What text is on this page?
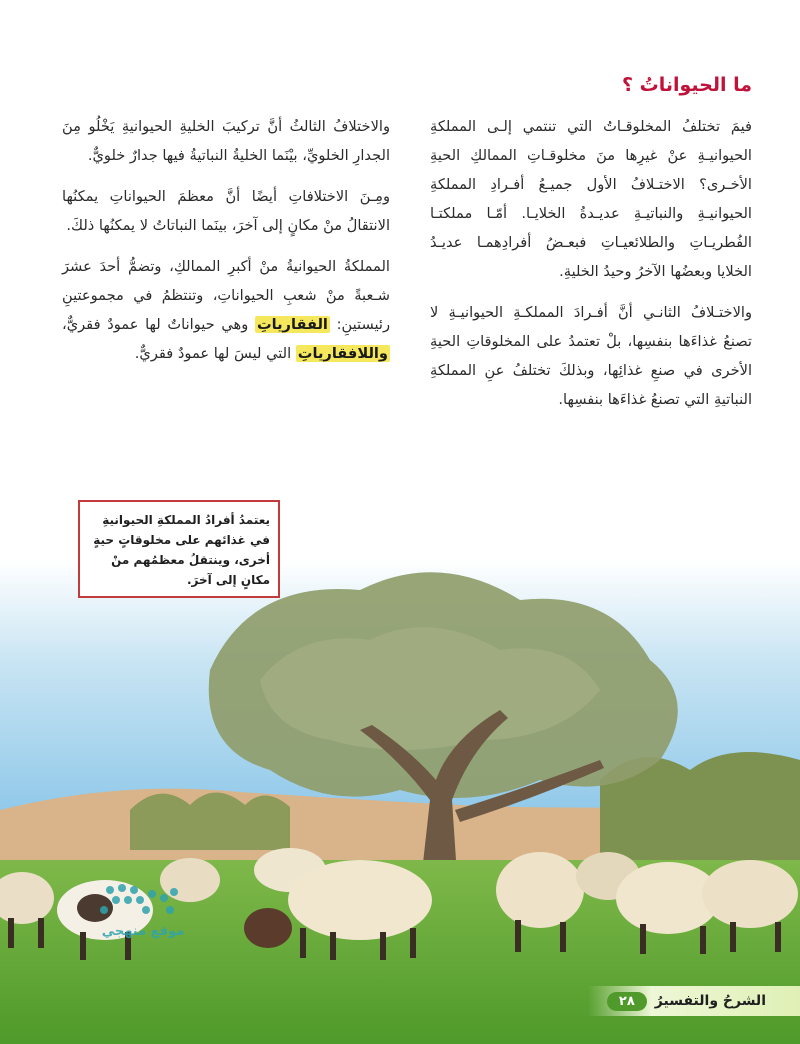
ما الحيواناتُ ؟

فيمَ تختلفُ المخلوقـاتُ التي تنتمي إلـى المملكةِ الحيوانيـةِ عنْ غيرِها منَ مخلوقـاتِ الممالكِ الحيةِ الأخـرى؟ الاختـلافُ الأول جميـعُ أفـرادِ المملكةِ الحيوانيـةِ والنباتيـةِ عديـدةُ الخلايـا. أمّـا مملكتـا الفُطريـاتِ والطلائعيـاتِ فبعـضُ أفرادِهمـا عديـدُ الخلايا وبعضُها الآخرُ وحيدُ الخليةِ.

والاختـلافُ الثانـي أنَّ أفـرادَ المملكـةِ الحيوانيـةِ لا تصنعُ غذاءَها بنفسِها، بلْ تعتمدُ على المخلوقاتِ الحيةِ الأخرى في صنعِ غذائِها، وبذلكَ تختلفُ عنِ المملكةِ النباتيةِ التي تصنعُ غذاءَها بنفسِها.

والاختلافُ الثالثُ أنَّ تركيبَ الخليةِ الحيوانيةِ يَخْلُو مِنَ الجدارِ الخلويِّ، بيْنَما الخليةُ النباتيةُ فيها جدارٌ خلويٌّ.

ومِـنَ الاختلافاتِ أيضًا أنَّ معظمَ الحيواناتِ يمكنُها الانتقالُ منْ مكانٍ إلى آخرَ، بينَما النباتاتُ لا يمكنُها ذلكَ.

المملكةُ الحيوانيةُ منْ أكبرِ الممالكِ، وتضمُّ أحدَ عشرَ شـعبةً منْ شعبِ الحيواناتِ، وتنتظمُ في مجموعتينِ رئيستينِ: الفقارياتِ وهي حيواناتٌ لها عمودٌ فقريٌّ، واللافقارياتِ التي ليسَ لها عمودٌ فقريٌّ.

يعتمدُ أفرادُ المملكةِ الحيوانيةِ في غذائهم على مخلوقاتٍ حيةٍ أخرى، وينتقلُ معظمُهم منْ مكانٍ إلى آخرَ.

موقع منهجي
الشرحُ والتفسيرُ
٢٨
